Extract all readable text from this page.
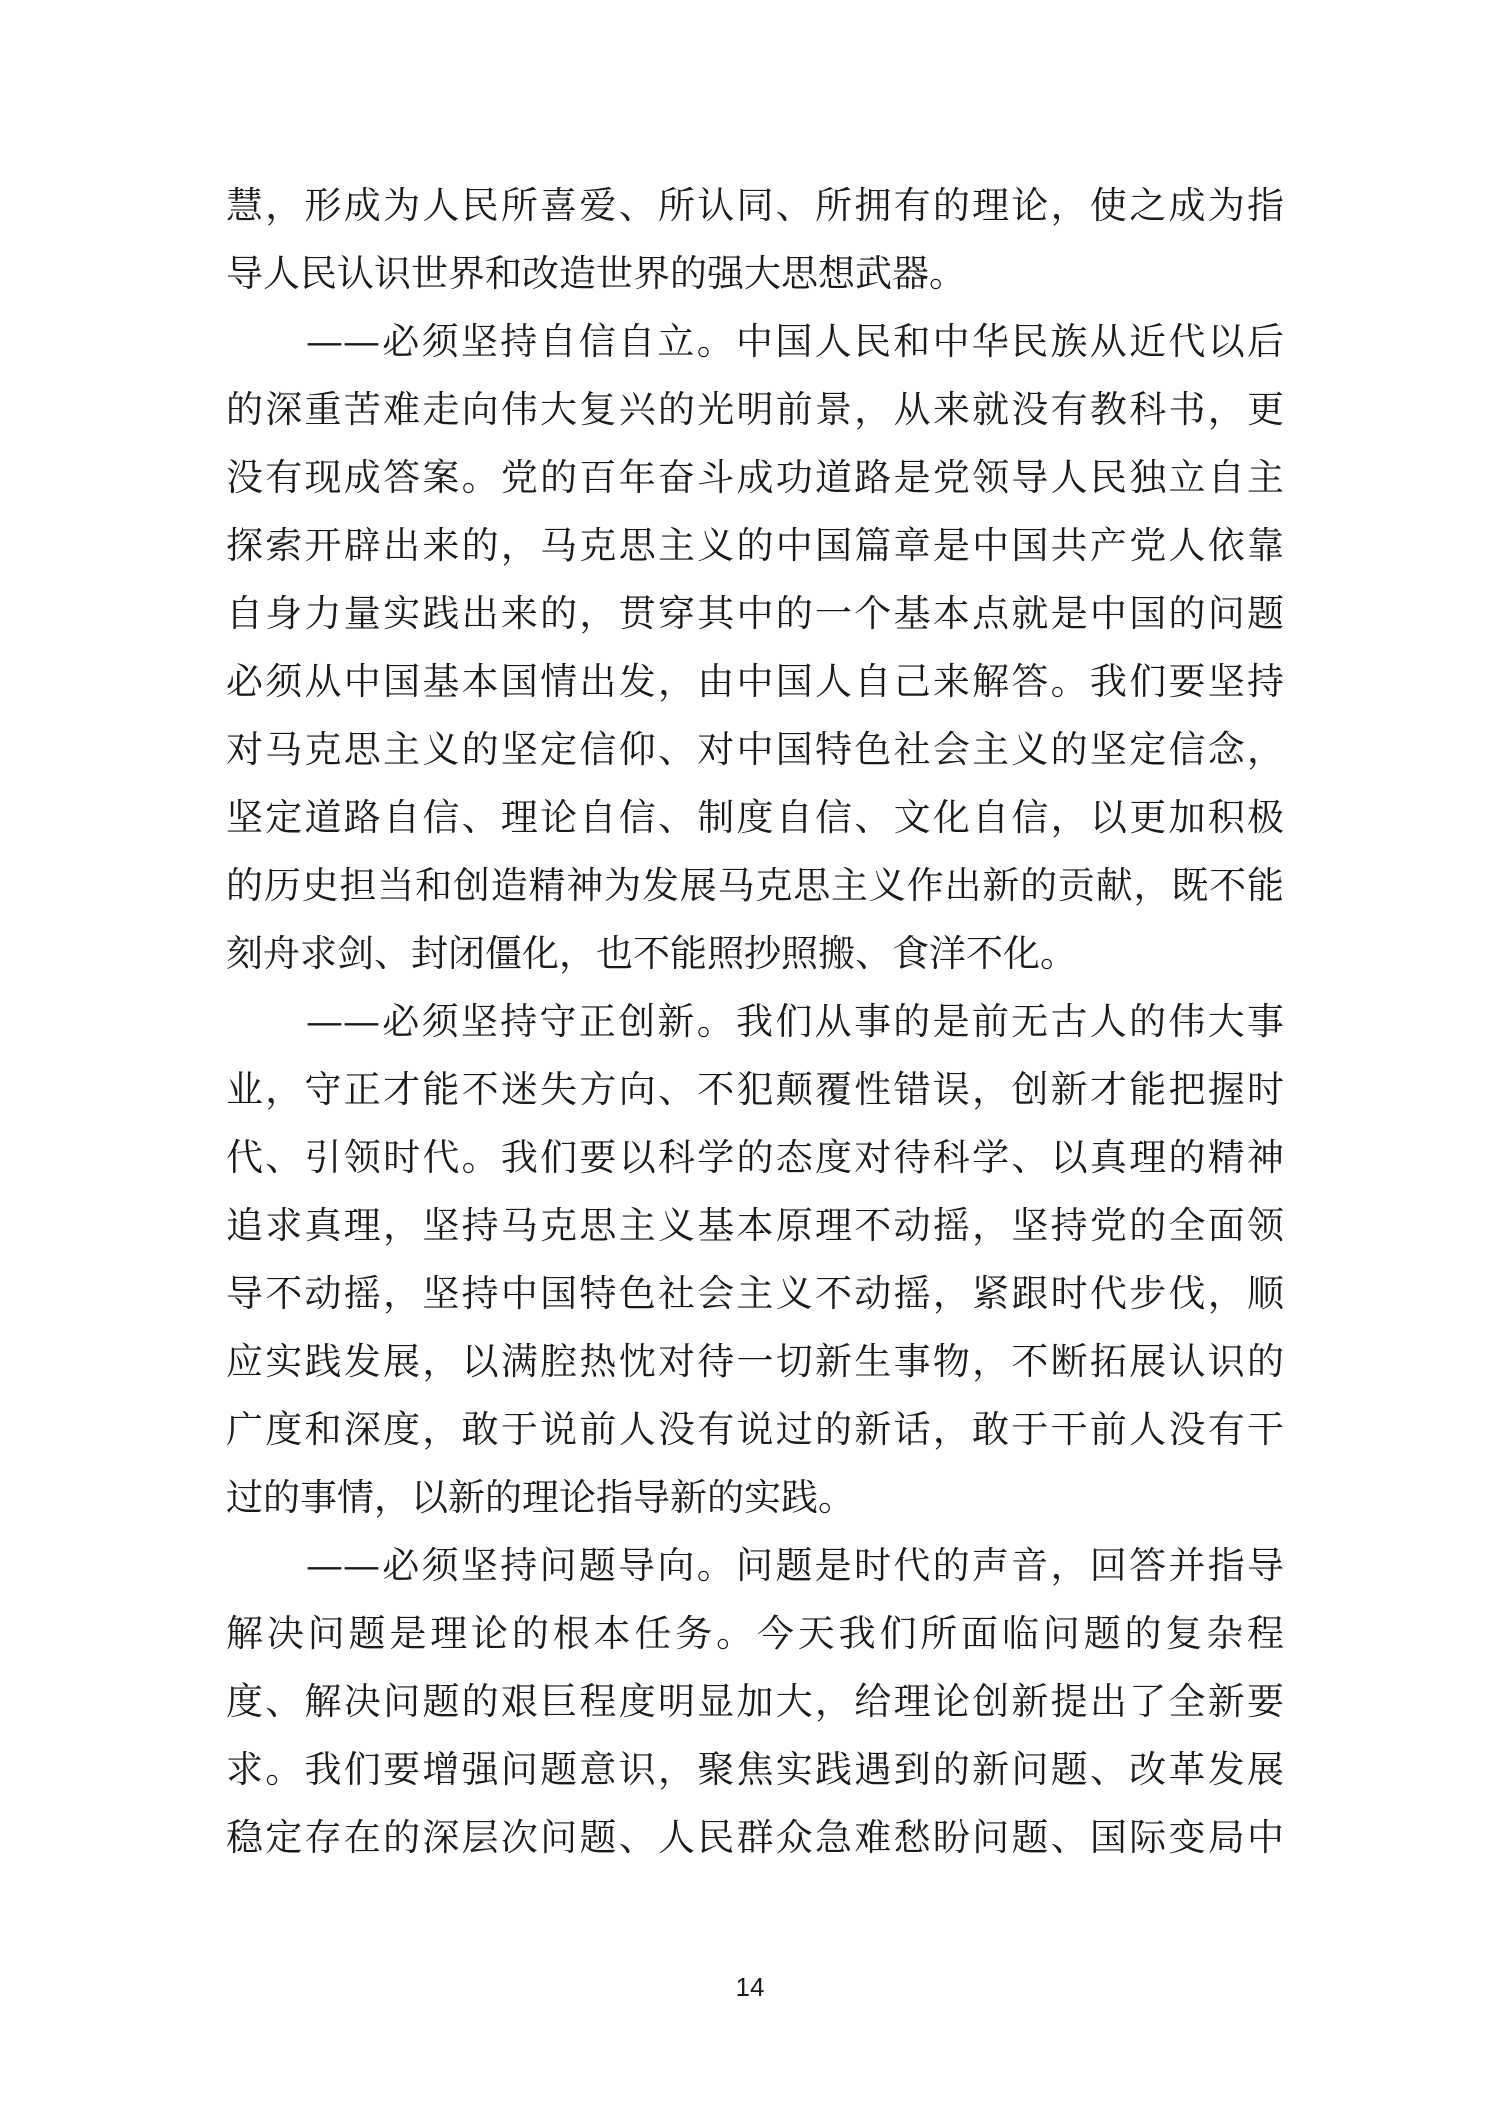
慧，形成为人民所喜爱、所认同、所拥有的理论，使之成为指
导人民认识世界和改造世界的强大思想武器。
——必须坚持自信自立。中国人民和中华民族从近代以后
的深重苦难走向伟大复兴的光明前景，从来就没有教科书，更
没有现成答案。党的百年奋斗成功道路是党领导人民独立自主
探索开辟出来的，马克思主义的中国篇章是中国共产党人依靠
自身力量实践出来的，贯穿其中的一个基本点就是中国的问题
必须从中国基本国情出发，由中国人自己来解答。我们要坚持
对马克思主义的坚定信仰、对中国特色社会主义的坚定信念，
坚定道路自信、理论自信、制度自信、文化自信，以更加积极
的历史担当和创造精神为发展马克思主义作出新的贡献，既不能
刻舟求剑、封闭僵化，也不能照抄照搬、食洋不化。
——必须坚持守正创新。我们从事的是前无古人的伟大事
业，守正才能不迷失方向、不犯颠覆性错误，创新才能把握时
代、引领时代。我们要以科学的态度对待科学、以真理的精神
追求真理，坚持马克思主义基本原理不动摇，坚持党的全面领
导不动摇，坚持中国特色社会主义不动摇，紧跟时代步伐，顺
应实践发展，以满腔热忱对待一切新生事物，不断拓展认识的
广度和深度，敢于说前人没有说过的新话，敢于干前人没有干
过的事情，以新的理论指导新的实践。
——必须坚持问题导向。问题是时代的声音，回答并指导
解决问题是理论的根本任务。今天我们所面临问题的复杂程
度、解决问题的艰巨程度明显加大，给理论创新提出了全新要
求。我们要增强问题意识，聚焦实践遇到的新问题、改革发展
稳定存在的深层次问题、人民群众急难愁盼问题、国际变局中
14
